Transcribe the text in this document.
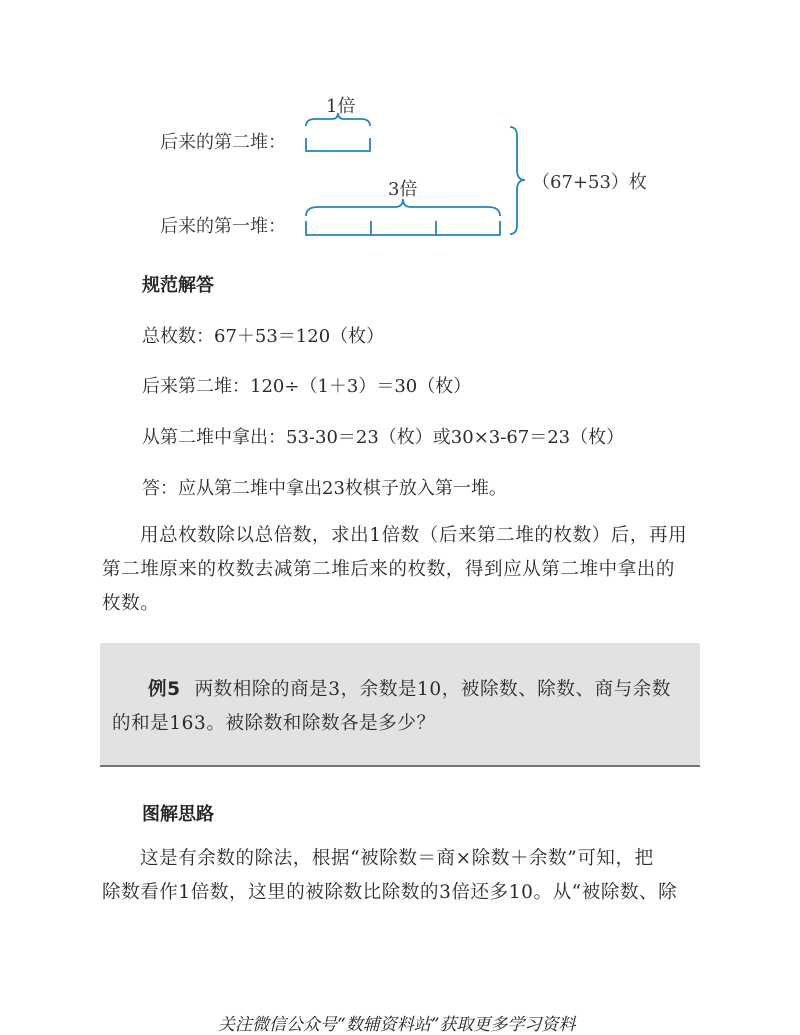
1倍
后来的第二堆：
3倍
后来的第一堆：
（67+53）枚
规范解答
总枚数：67＋53＝120（枚）
后来第二堆：120÷（1＋3）＝30（枚）
从第二堆中拿出：53-30＝23（枚）或30×3-67＝23（枚）
答：应从第二堆中拿出23枚棋子放入第一堆。
用总枚数除以总倍数，求出1倍数（后来第二堆的枚数）后，再用
第二堆原来的枚数去减第二堆后来的枚数，得到应从第二堆中拿出的
枚数。
例5 两数相除的商是3，余数是10，被除数、除数、商与余数
的和是163。被除数和除数各是多少？
图解思路
这是有余数的除法，根据“被除数＝商×除数＋余数”可知，把
除数看作1倍数，这里的被除数比除数的3倍还多10。从“被除数、除
关注微信公众号“数辅资料站”获取更多学习资料
